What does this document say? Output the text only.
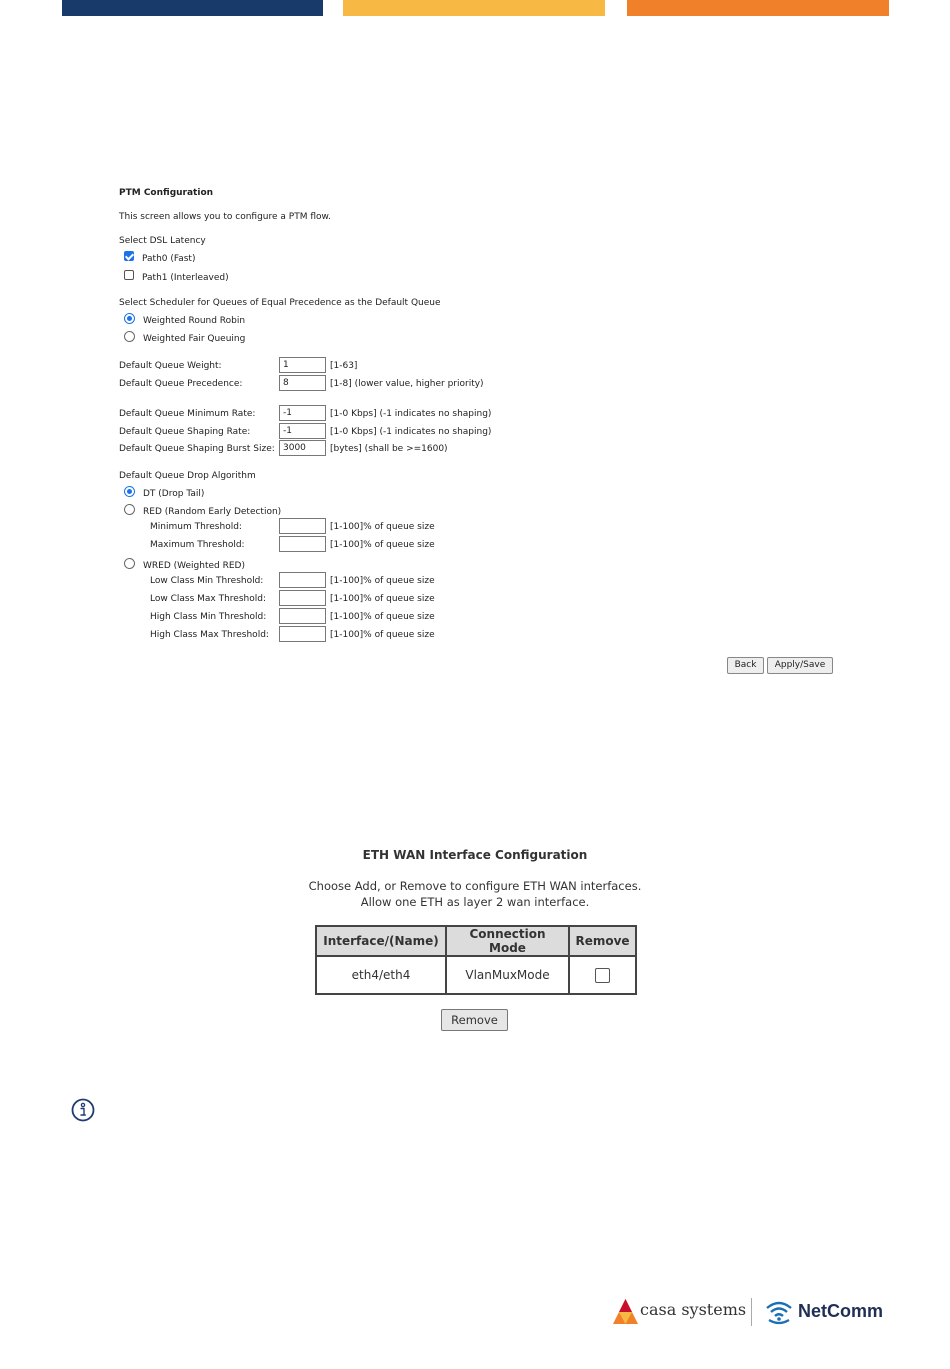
PTM Configuration
This screen allows you to configure a PTM flow.
Select DSL Latency
Path0 (Fast)
Path1 (Interleaved)
Select Scheduler for Queues of Equal Precedence as the Default Queue
Weighted Round Robin
Weighted Fair Queuing
Default Queue Weight:	1	[1-63]
Default Queue Precedence:	8	[1-8] (lower value, higher priority)
Default Queue Minimum Rate:	-1	[1-0 Kbps] (-1 indicates no shaping)
Default Queue Shaping Rate:	-1	[1-0 Kbps] (-1 indicates no shaping)
Default Queue Shaping Burst Size: 3000	[bytes] (shall be >=1600)
Default Queue Drop Algorithm
DT (Drop Tail)
RED (Random Early Detection)
Minimum Threshold:	[1-100]% of queue size
Maximum Threshold:	[1-100]% of queue size
WRED (Weighted RED)
Low Class Min Threshold:	[1-100]% of queue size
Low Class Max Threshold:	[1-100]% of queue size
High Class Min Threshold:	[1-100]% of queue size
High Class Max Threshold:	[1-100]% of queue size
Back	Apply/Save
ETH WAN Interface Configuration
Choose Add, or Remove to configure ETH WAN interfaces.
Allow one ETH as layer 2 wan interface.
Interface/(Name)	Connection Mode	Remove
eth4/eth4	VlanMuxMode	
Remove
casa systems	NetComm
